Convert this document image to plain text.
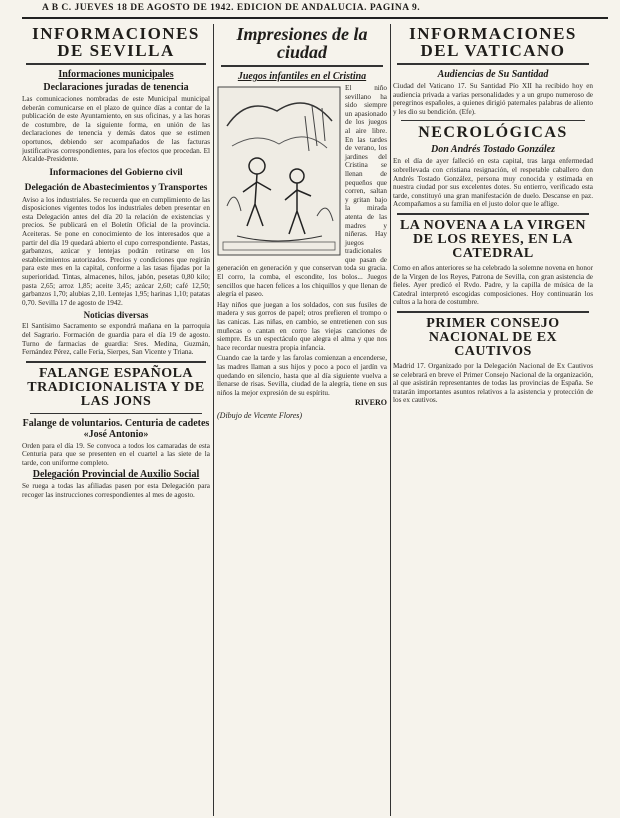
A B C. JUEVES 18 DE AGOSTO DE 1942. EDICION DE ANDALUCIA. PAGINA 9.
INFORMACIONES DE SEVILLA
Informaciones municipales
Declaraciones juradas de tenencia

Las comunicaciones nombradas de este Municipal municipal deberán comunicarse en el plazo de quince días a contar de la publicación de este Ayuntamiento, en sus oficinas, y a las horas de costumbre, de la siguiente forma, en unión de las declaraciones de tenencia y demás datos que se estimen oportunos, debiendo ser acompañados de las facturas justificativas correspondientes, para los efectos que procedan. El Alcalde-Presidente.

Informaciones del Gobierno civil
Delegación de Abastecimientos y Transportes

Aviso a los industriales. Se recuerda que en cumplimiento de las disposiciones vigentes todos los industriales deben presentar en esta Delegación antes del día 20 la relación de existencias y precios. Se publicará en el Boletín Oficial de la provincia. Aceiteras. Se pone en conocimiento de los interesados que a partir del día 19 quedará abierto el cupo correspondiente. Pastas, garbanzos, azúcar y lentejas podrán retirarse en los establecimientos autorizados. Precios y condiciones que regirán para este mes en la capital, conforme a las tasas fijadas por la superioridad. Tintas, almacenes, hilos, jabón, pesetas 0,80 kilo; pasta 2,65; arroz 1,85; aceite 3,45; azúcar 2,60; café 12,50; garbanzos 1,70; alubias 2,10. Lentejas 1,95; harinas 1,10; patatas 0,70. Sevilla 17 de agosto de 1942.

Noticias diversas

El Santísimo Sacramento se expondrá mañana en la parroquia del Sagrario. Formación de guardia para el día 19 de agosto. Turno de farmacias de guardia: Sres. Medina, Guzmán, Fernández Pérez, calle Feria, Sierpes, San Vicente y Triana.

FALANGE ESPAÑOLA TRADICIONALISTA Y DE LAS JONS
Falange de voluntarios. Centuria de cadetes «José Antonio»

Orden para el día 19. Se convoca a todos los camaradas de esta Centuria para que se presenten en el cuartel a las siete de la tarde, con uniforme completo.

Delegación Provincial de Auxilio Social

Se ruega a todas las afiliadas pasen por esta Delegación para recoger las instrucciones correspondientes al mes de agosto.

Impresiones de la ciudad
Juegos infantiles en el Cristina

El niño sevillano ha sido siempre un apasionado de los juegos al aire libre. En las tardes de verano, los jardines del Cristina se llenan de pequeños que corren, saltan y gritan bajo la mirada atenta de las madres y niñeras. Hay juegos tradicionales que pasan de generación en generación y que conservan toda su gracia. El corro, la comba, el escondite, los bolos... Juegos sencillos que hacen felices a los chiquillos y que llenan de alegría el paseo.

Hay niños que juegan a los soldados, con sus fusiles de madera y sus gorros de papel; otros prefieren el trompo o las canicas. Las niñas, en cambio, se entretienen con sus muñecas o cantan en corro las viejas canciones de siempre. Es un espectáculo que alegra el alma y que nos hace recordar nuestra propia infancia.

Cuando cae la tarde y las farolas comienzan a encenderse, las madres llaman a sus hijos y poco a poco el jardín va quedando en silencio, hasta que al día siguiente vuelva a llenarse de risas. Sevilla, ciudad de la alegría, tiene en sus niños la mejor expresión de su espíritu.

RIVERO
(Dibujo de Vicente Flores)
INFORMACIONES DEL VATICANO
Audiencias de Su Santidad

Ciudad del Vaticano 17. Su Santidad Pío XII ha recibido hoy en audiencia privada a varias personalidades y a un grupo numeroso de peregrinos españoles, a quienes dirigió paternales palabras de aliento y les dio su bendición. (Efe).

NECROLÓGICAS
Don Andrés Tostado González

En el día de ayer falleció en esta capital, tras larga enfermedad sobrellevada con cristiana resignación, el respetable caballero don Andrés Tostado González, persona muy conocida y estimada en nuestra ciudad por sus excelentes dotes. Su entierro, verificado esta tarde, constituyó una gran manifestación de duelo. Descanse en paz. Acompañamos a su familia en el justo dolor que le aflige.

LA NOVENA A LA VIRGEN DE LOS REYES, EN LA CATEDRAL

Como en años anteriores se ha celebrado la solemne novena en honor de la Virgen de los Reyes, Patrona de Sevilla, con gran asistencia de fieles. Ayer predicó el Rvdo. Padre, y la capilla de música de la Catedral interpretó escogidas composiciones. Hoy continuarán los cultos a la hora de costumbre.

PRIMER CONSEJO NACIONAL DE EX CAUTIVOS

Madrid 17. Organizado por la Delegación Nacional de Ex Cautivos se celebrará en breve el Primer Consejo Nacional de la organización, al que asistirán representantes de todas las provincias de España. Se tratarán importantes asuntos relativos a la asistencia y protección de los ex cautivos.
